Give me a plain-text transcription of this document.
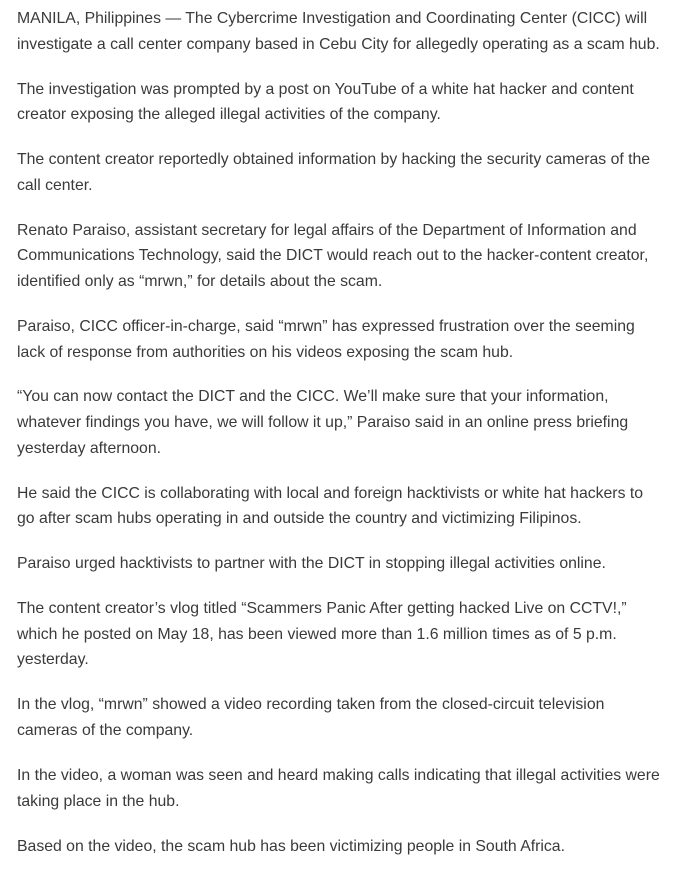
MANILA, Philippines — The Cybercrime Investigation and Coordinating Center (CICC) will investigate a call center company based in Cebu City for allegedly operating as a scam hub.

The investigation was prompted by a post on YouTube of a white hat hacker and content creator exposing the alleged illegal activities of the company.

The content creator reportedly obtained information by hacking the security cameras of the call center.

Renato Paraiso, assistant secretary for legal affairs of the Department of Information and Communications Technology, said the DICT would reach out to the hacker-content creator, identified only as “mrwn,” for details about the scam.

Paraiso, CICC officer-in-charge, said “mrwn” has expressed frustration over the seeming lack of response from authorities on his videos exposing the scam hub.

“You can now contact the DICT and the CICC. We’ll make sure that your information, whatever findings you have, we will follow it up,” Paraiso said in an online press briefing yesterday afternoon.

He said the CICC is collaborating with local and foreign hacktivists or white hat hackers to go after scam hubs operating in and outside the country and victimizing Filipinos.

Paraiso urged hacktivists to partner with the DICT in stopping illegal activities online.

The content creator’s vlog titled “Scammers Panic After getting hacked Live on CCTV!,” which he posted on May 18, has been viewed more than 1.6 million times as of 5 p.m. yesterday.

In the vlog, “mrwn” showed a video recording taken from the closed-circuit television cameras of the company.

In the video, a woman was seen and heard making calls indicating that illegal activities were taking place in the hub.

Based on the video, the scam hub has been victimizing people in South Africa.
